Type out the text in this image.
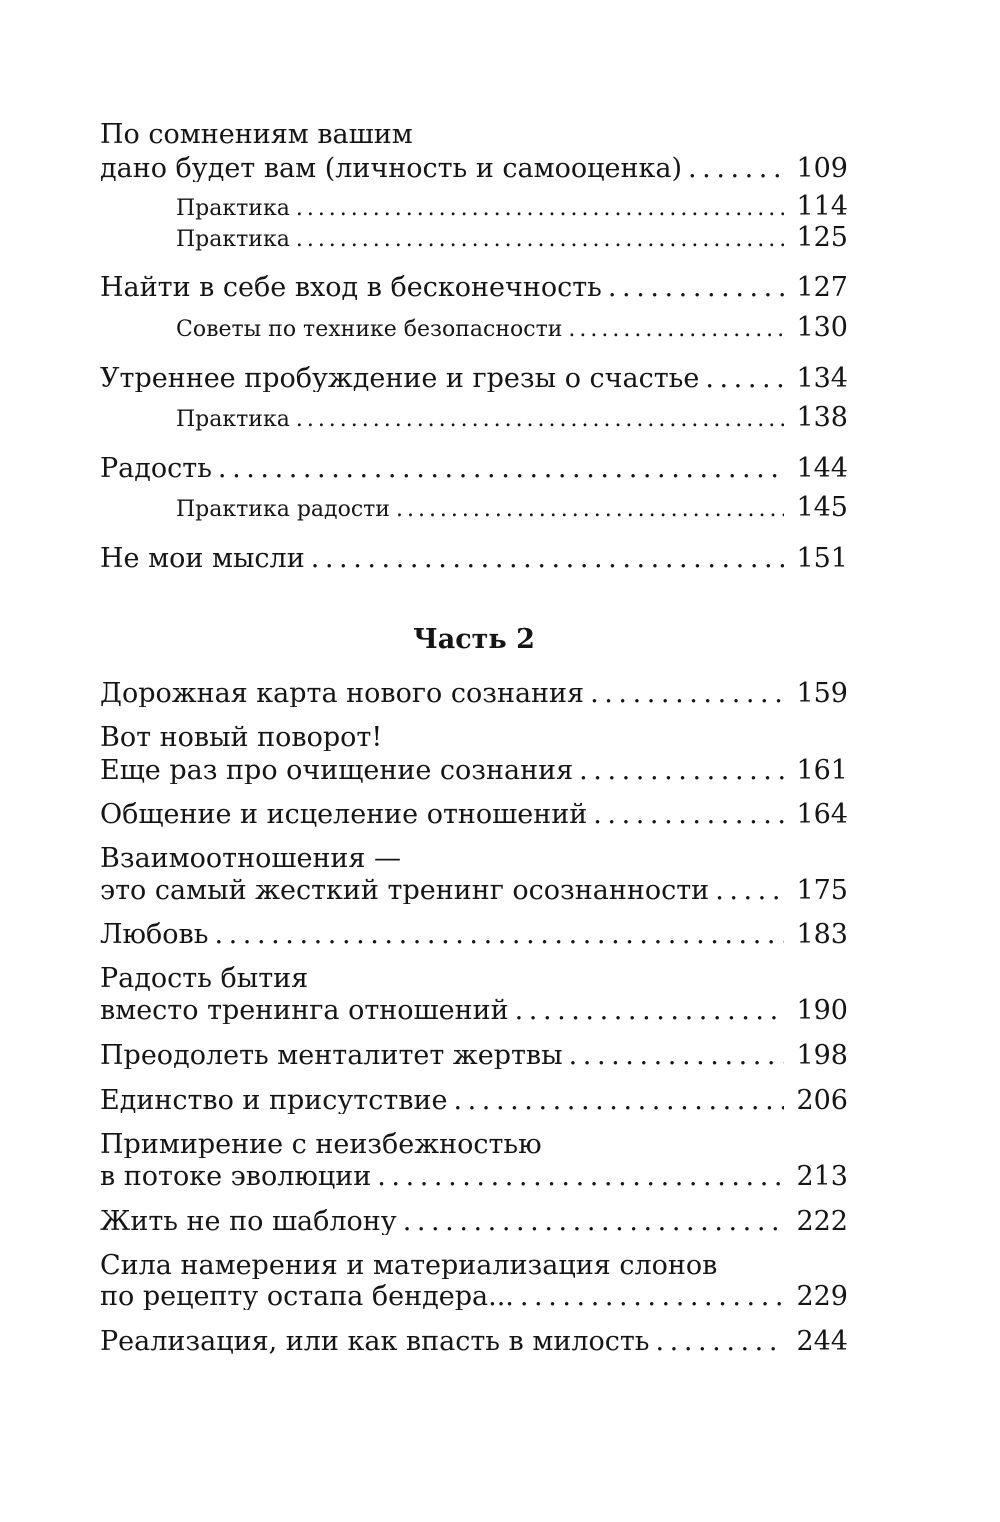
По сомнениям вашим
дано будет вам (личность и самооценка) . . .	109
Практика . . .	114
Практика . . .	125
Найти в себе вход в бесконечность . . .	127
Советы по технике безопасности . . .	130
Утреннее пробуждение и грезы о счастье . . .	134
Практика . . .	138
Радость . . .	144
Практика радости . . .	145
Не мои мысли . . .	151
Часть 2
Дорожная карта нового сознания . . .	159
Вот новый поворот!
Еще раз про очищение сознания . . .	161
Общение и исцеление отношений . . .	164
Взаимоотношения —
это самый жесткий тренинг осознанности . . .	175
Любовь . . .	183
Радость бытия
вместо тренинга отношений . . .	190
Преодолеть менталитет жертвы . . .	198
Единство и присутствие . . .	206
Примирение с неизбежностью
в потоке эволюции . . .	213
Жить не по шаблону . . .	222
Сила намерения и материализация слонов
по рецепту остапа бендера... . . .	229
Реализация, или как впасть в милость . . .	244
